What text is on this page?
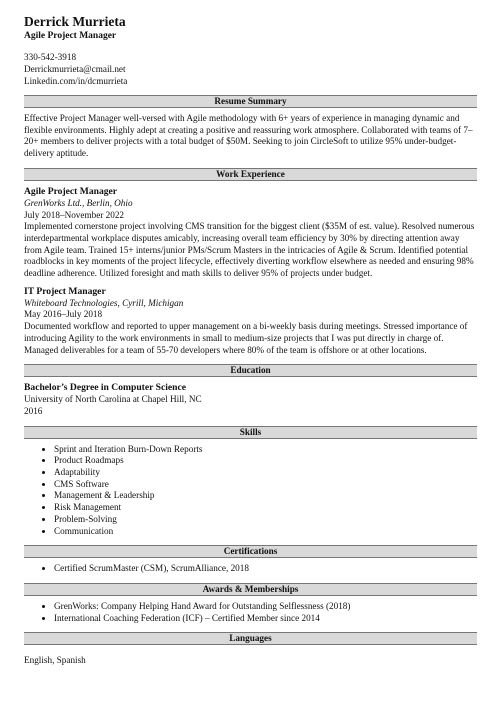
Derrick Murrieta
Agile Project Manager
330-542-3918
Derrickmurrieta@cmail.net
Linkedin.com/in/dcmurrieta
Resume Summary

Effective Project Manager well-versed with Agile methodology with 6+ years of experience in managing dynamic and flexible environments. Highly adept at creating a positive and reassuring work atmosphere. Collaborated with teams of 7–20+ members to deliver projects with a total budget of $50M. Seeking to join CircleSoft to utilize 95% under-budget-delivery aptitude.

Work Experience
Agile Project Manager
GrenWorks Ltd., Berlin, Ohio
July 2018–November 2022

Implemented cornerstone project involving CMS transition for the biggest client ($35M of est. value). Resolved numerous interdepartmental workplace disputes amicably, increasing overall team efficiency by 30% by directing attention away from Agile team. Trained 15+ interns/junior PMs/Scrum Masters in the intricacies of Agile & Scrum. Identified potential roadblocks in key moments of the project lifecycle, effectively diverting workflow elsewhere as needed and ensuring 98% deadline adherence. Utilized foresight and math skills to deliver 95% of projects under budget.

IT Project Manager
Whiteboard Technologies, Cyrill, Michigan
May 2016–July 2018

Documented workflow and reported to upper management on a bi-weekly basis during meetings. Stressed importance of introducing Agility to the work environments in small to medium-size projects that I was put directly in charge of. Managed deliverables for a team of 55-70 developers where 80% of the team is offshore or at other locations.

Education
Bachelor’s Degree in Computer Science
University of North Carolina at Chapel Hill, NC
2016
Skills
• Sprint and Iteration Burn-Down Reports
• Product Roadmaps
• Adaptability
• CMS Software
• Management & Leadership
• Risk Management
• Problem-Solving
• Communication
Certifications
• Certified ScrumMaster (CSM), ScrumAlliance, 2018
Awards & Memberships
• GrenWorks: Company Helping Hand Award for Outstanding Selflessness (2018)
• International Coaching Federation (ICF) – Certified Member since 2014
Languages

English, Spanish
